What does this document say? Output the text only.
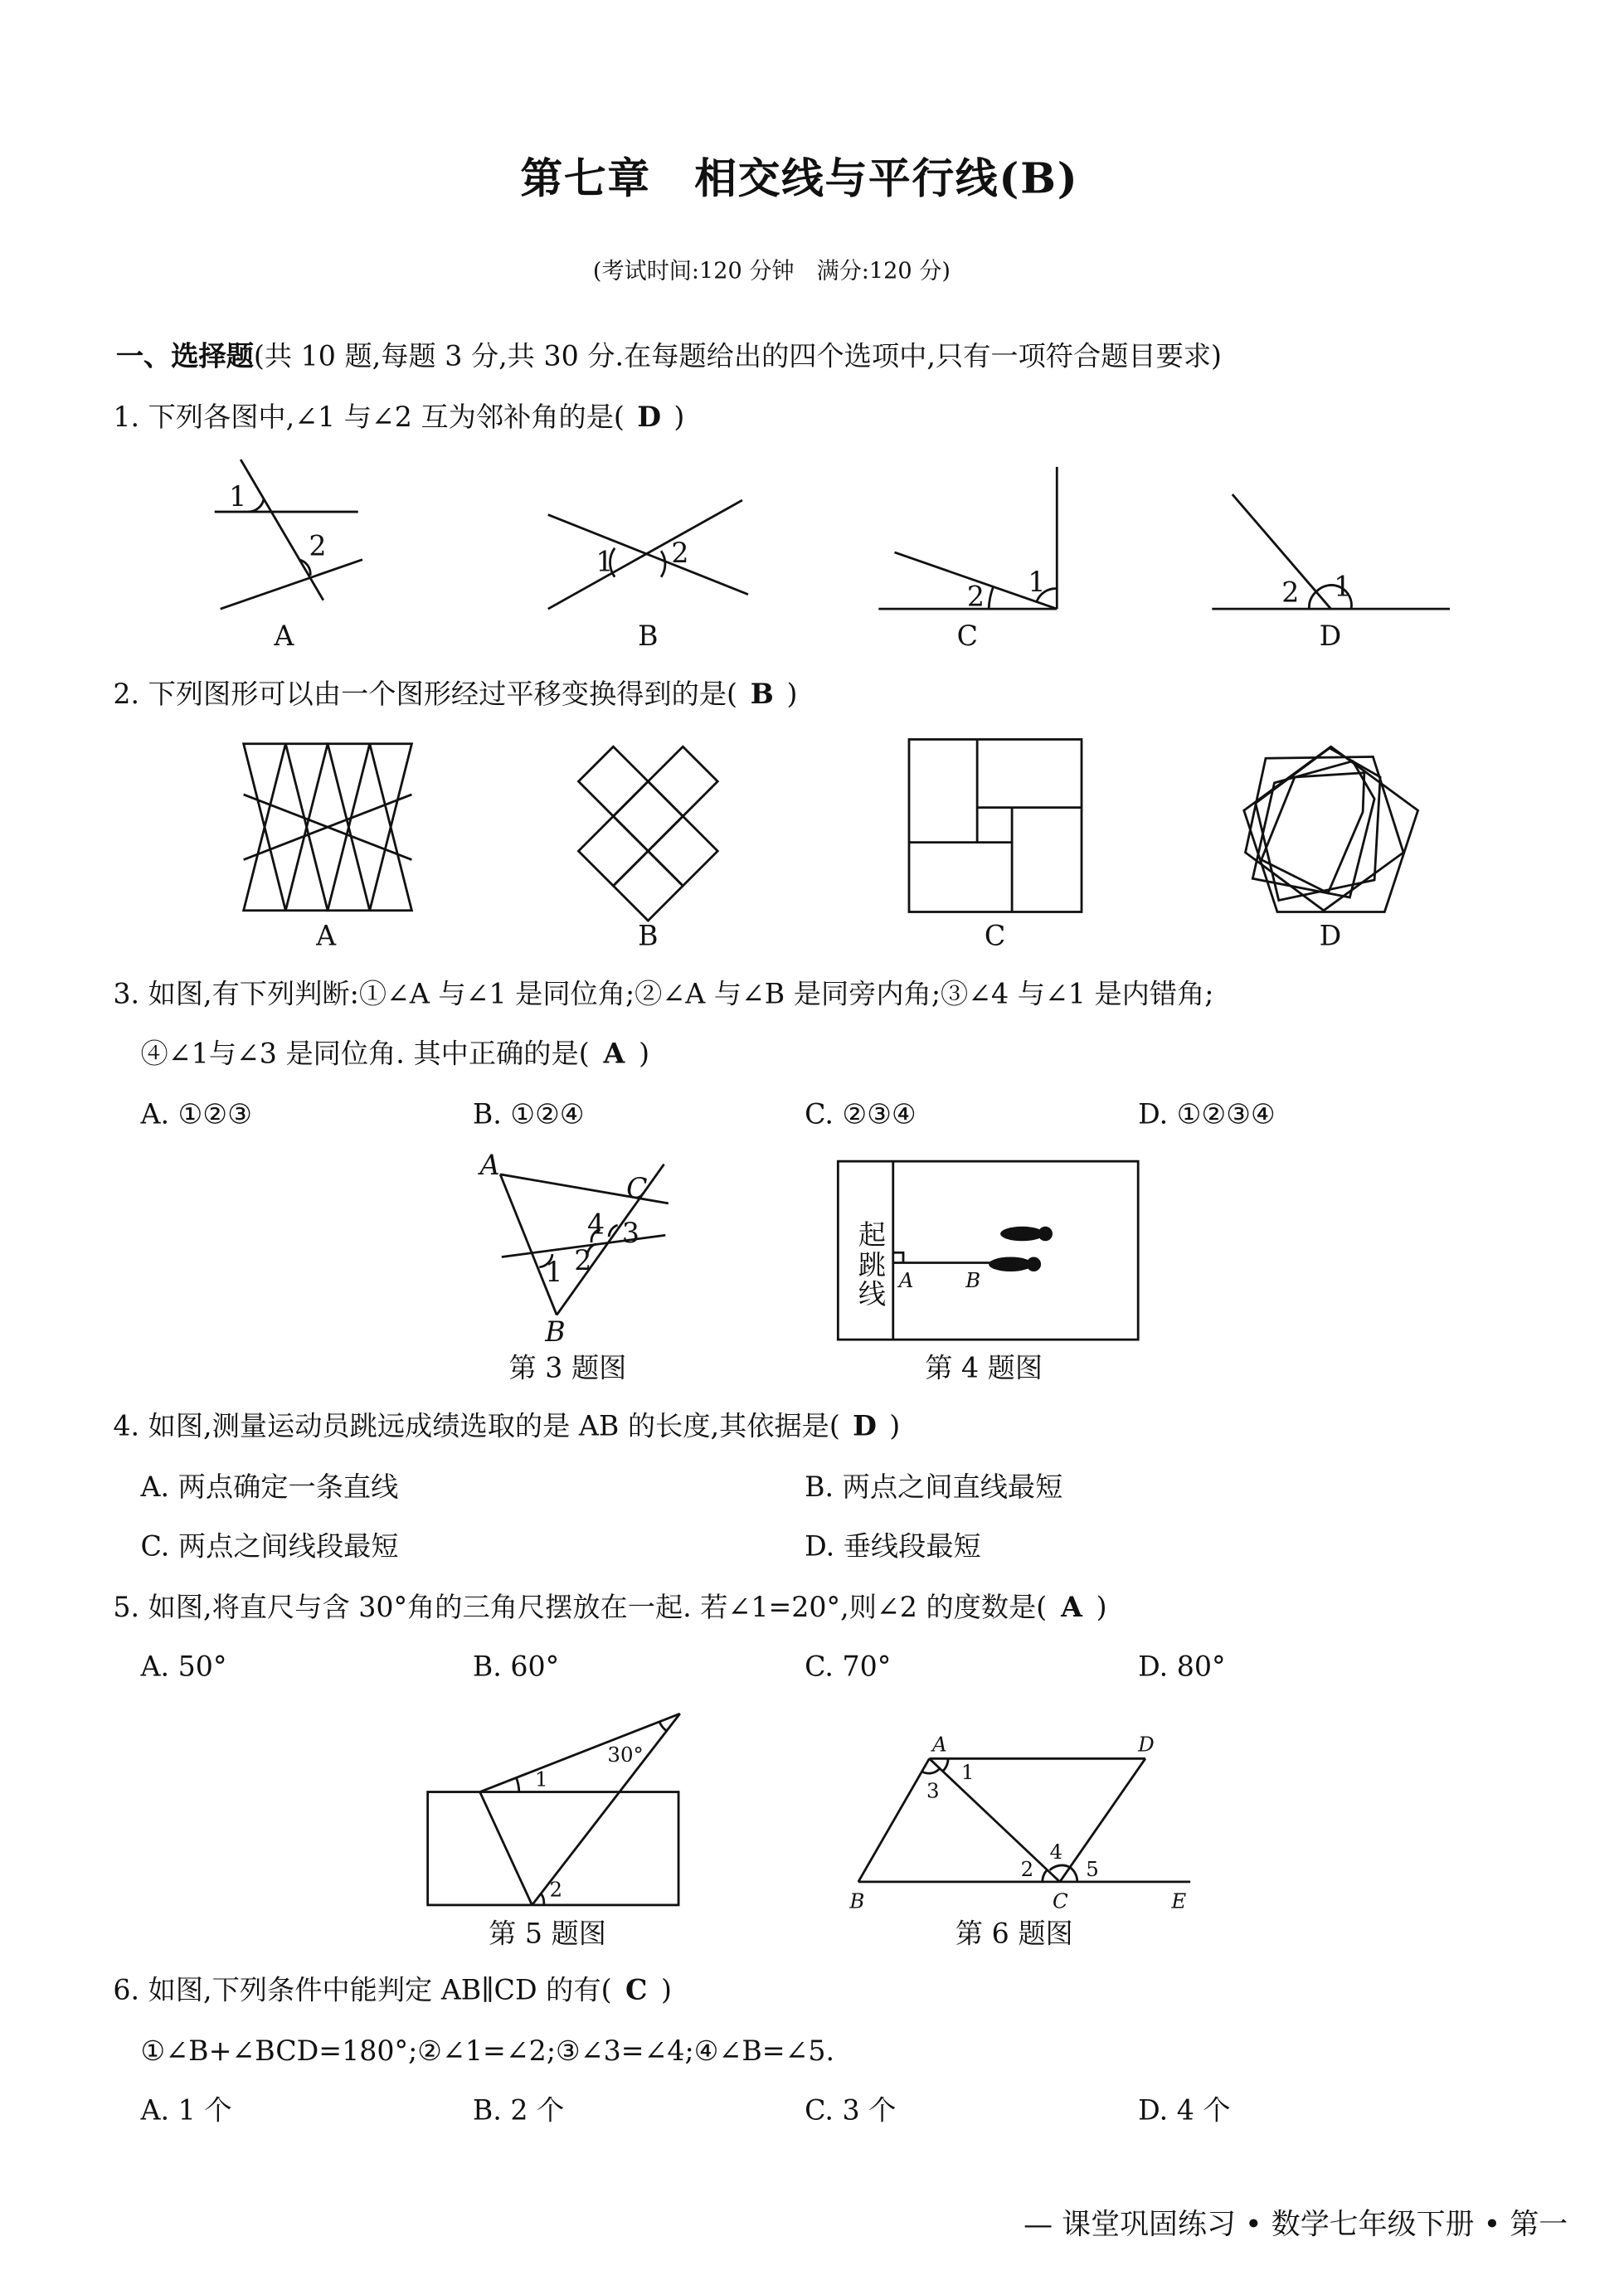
第七章　相交线与平行线(B)
(考试时间:120 分钟　满分:120 分)
一、选择题(共 10 题,每题 3 分,共 30 分.在每题给出的四个选项中,只有一项符合题目要求)
1. 下列各图中,∠1 与∠2 互为邻补角的是( D )
1
2
A
1	2
B
2	1
C
2 1
D
2. 下列图形可以由一个图形经过平移变换得到的是( B )
A	B	C	D
3. 如图,有下列判断:①∠A 与∠1 是同位角;②∠A 与∠B 是同旁内角;③∠4 与∠1 是内错角;
④∠1与∠3 是同位角. 其中正确的是( A )
A. ①②③	B. ①②④	C. ②③④	D. ①②③④
A
B
C
1 2
3
4
第 3 题图
起
跳
线 A	B
第 4 题图
4. 如图,测量运动员跳远成绩选取的是 AB 的长度,其依据是( D )
A. 两点确定一条直线	B. 两点之间直线最短
C. 两点之间线段最短	D. 垂线段最短
5. 如图,将直尺与含 30°角的三角尺摆放在一起. 若∠1=20°,则∠2 的度数是( A )
A. 50°	B. 60°	C. 70°	D. 80°
30°
1
2
第 5 题图
A	D
B	C	E
1
2
3
4
5
第 6 题图
6. 如图,下列条件中能判定 AB∥CD 的有( C )
①∠B+∠BCD=180°;②∠1=∠2;③∠3=∠4;④∠B=∠5.
A. 1 个	B. 2 个	C. 3 个	D. 4 个
— 课堂巩固练习 • 数学七年级下册 • 第一
